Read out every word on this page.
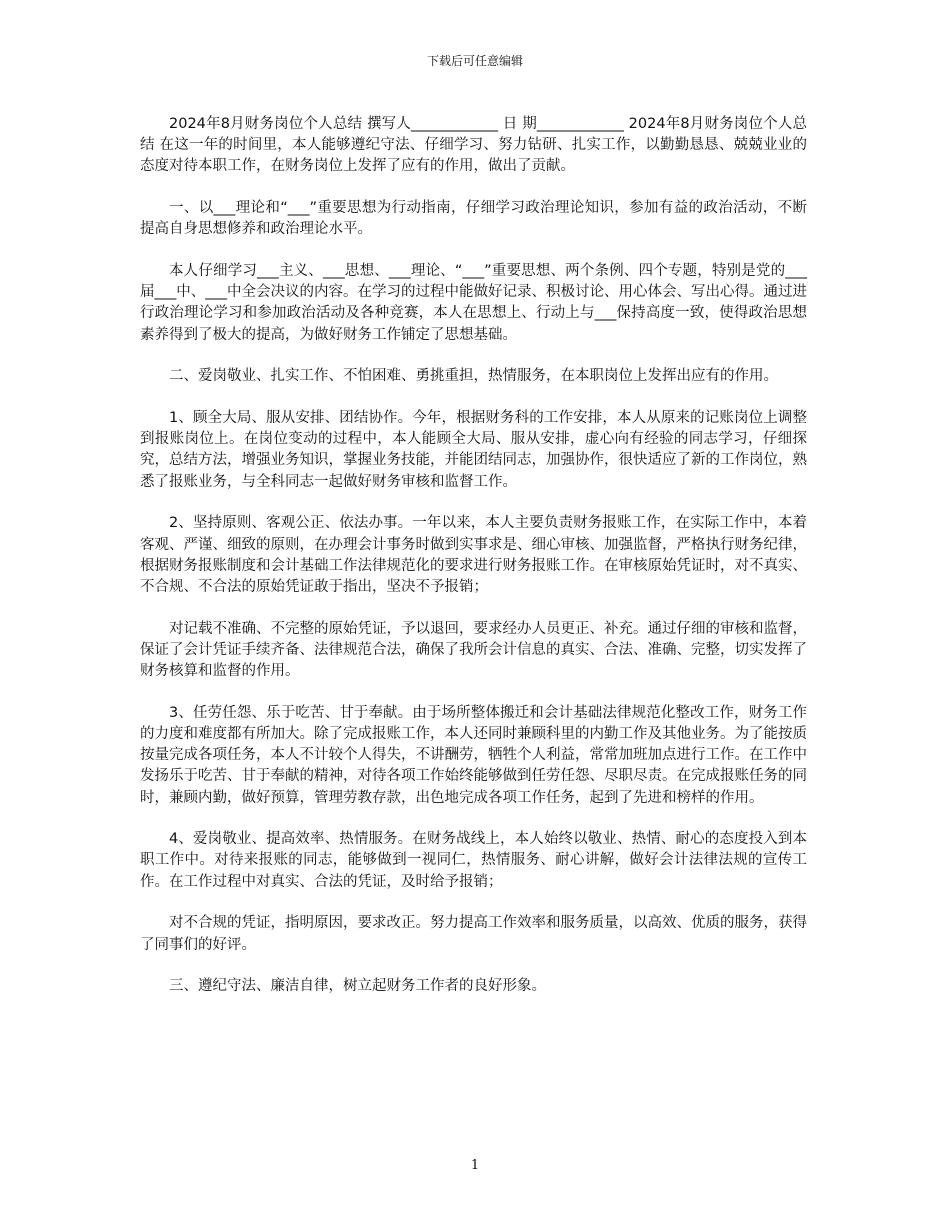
下载后可任意编辑

2024年8月财务岗位个人总结 撰写人____________ 日 期____________ 2024年8月财务岗位个人总结 在这一年的时间里，本人能够遵纪守法、仔细学习、努力钻研、扎实工作，以勤勤恳恳、兢兢业业的态度对待本职工作，在财务岗位上发挥了应有的作用，做出了贡献。

一、以___理论和“___”重要思想为行动指南，仔细学习政治理论知识，参加有益的政治活动，不断提高自身思想修养和政治理论水平。

本人仔细学习___主义、___思想、___理论、“___”重要思想、两个条例、四个专题，特别是党的___届___中、___中全会决议的内容。在学习的过程中能做好记录、积极讨论、用心体会、写出心得。通过进行政治理论学习和参加政治活动及各种竞赛，本人在思想上、行动上与___保持高度一致，使得政治思想素养得到了极大的提高，为做好财务工作铺定了思想基础。

二、爱岗敬业、扎实工作、不怕困难、勇挑重担，热情服务，在本职岗位上发挥出应有的作用。

1、顾全大局、服从安排、团结协作。今年，根据财务科的工作安排，本人从原来的记账岗位上调整到报账岗位上。在岗位变动的过程中，本人能顾全大局、服从安排，虚心向有经验的同志学习，仔细探究，总结方法，增强业务知识，掌握业务技能，并能团结同志，加强协作，很快适应了新的工作岗位，熟悉了报账业务，与全科同志一起做好财务审核和监督工作。

2、坚持原则、客观公正、依法办事。一年以来，本人主要负责财务报账工作，在实际工作中，本着客观、严谨、细致的原则，在办理会计事务时做到实事求是、细心审核、加强监督，严格执行财务纪律，根据财务报账制度和会计基础工作法律规范化的要求进行财务报账工作。在审核原始凭证时，对不真实、不合规、不合法的原始凭证敢于指出，坚决不予报销；

对记载不准确、不完整的原始凭证，予以退回，要求经办人员更正、补充。通过仔细的审核和监督，保证了会计凭证手续齐备、法律规范合法，确保了我所会计信息的真实、合法、准确、完整，切实发挥了财务核算和监督的作用。

3、任劳任怨、乐于吃苦、甘于奉献。由于场所整体搬迁和会计基础法律规范化整改工作，财务工作的力度和难度都有所加大。除了完成报账工作，本人还同时兼顾科里的内勤工作及其他业务。为了能按质按量完成各项任务，本人不计较个人得失，不讲酬劳，牺牲个人利益，常常加班加点进行工作。在工作中发扬乐于吃苦、甘于奉献的精神，对待各项工作始终能够做到任劳任怨、尽职尽责。在完成报账任务的同时，兼顾内勤，做好预算，管理劳教存款，出色地完成各项工作任务，起到了先进和榜样的作用。

4、爱岗敬业、提高效率、热情服务。在财务战线上，本人始终以敬业、热情、耐心的态度投入到本职工作中。对待来报账的同志，能够做到一视同仁，热情服务、耐心讲解，做好会计法律法规的宣传工作。在工作过程中对真实、合法的凭证，及时给予报销；

对不合规的凭证，指明原因，要求改正。努力提高工作效率和服务质量，以高效、优质的服务，获得了同事们的好评。

三、遵纪守法、廉洁自律，树立起财务工作者的良好形象。

1
